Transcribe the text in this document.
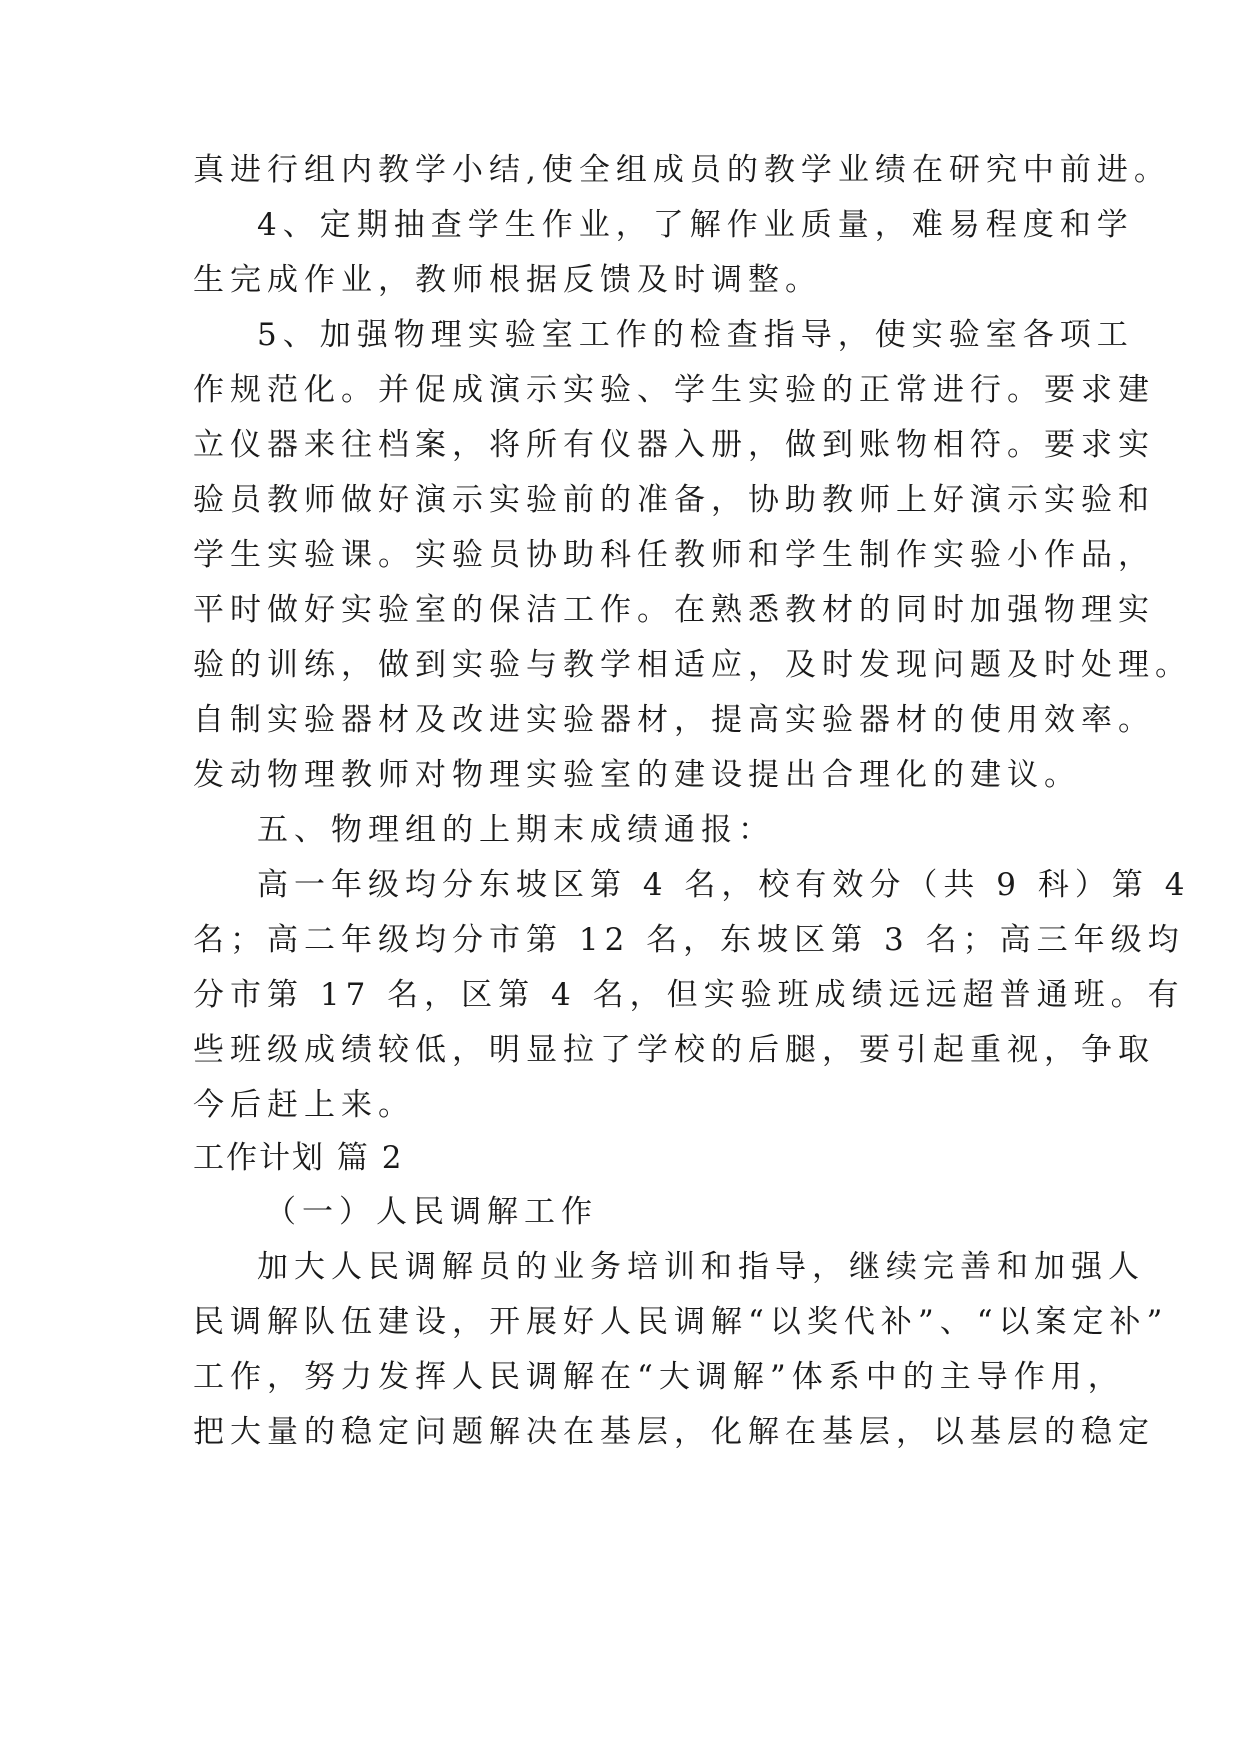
真进行组内教学小结,使全组成员的教学业绩在研究中前进。
4、定期抽查学生作业，了解作业质量，难易程度和学
生完成作业，教师根据反馈及时调整。
5、加强物理实验室工作的检查指导，使实验室各项工
作规范化。并促成演示实验、学生实验的正常进行。要求建
立仪器来往档案，将所有仪器入册，做到账物相符。要求实
验员教师做好演示实验前的准备，协助教师上好演示实验和
学生实验课。实验员协助科任教师和学生制作实验小作品，
平时做好实验室的保洁工作。在熟悉教材的同时加强物理实
验的训练，做到实验与教学相适应，及时发现问题及时处理。
自制实验器材及改进实验器材，提高实验器材的使用效率。
发动物理教师对物理实验室的建设提出合理化的建议。
五、物理组的上期末成绩通报：
高一年级均分东坡区第 4 名，校有效分（共 9 科）第 4
名；高二年级均分市第 12 名，东坡区第 3 名；高三年级均
分市第 17 名，区第 4 名，但实验班成绩远远超普通班。有
些班级成绩较低，明显拉了学校的后腿，要引起重视，争取
今后赶上来。
工作计划 篇 2
（一）人民调解工作
加大人民调解员的业务培训和指导，继续完善和加强人
民调解队伍建设，开展好人民调解“以奖代补”、“以案定补”
工作，努力发挥人民调解在“大调解”体系中的主导作用，
把大量的稳定问题解决在基层，化解在基层，以基层的稳定
